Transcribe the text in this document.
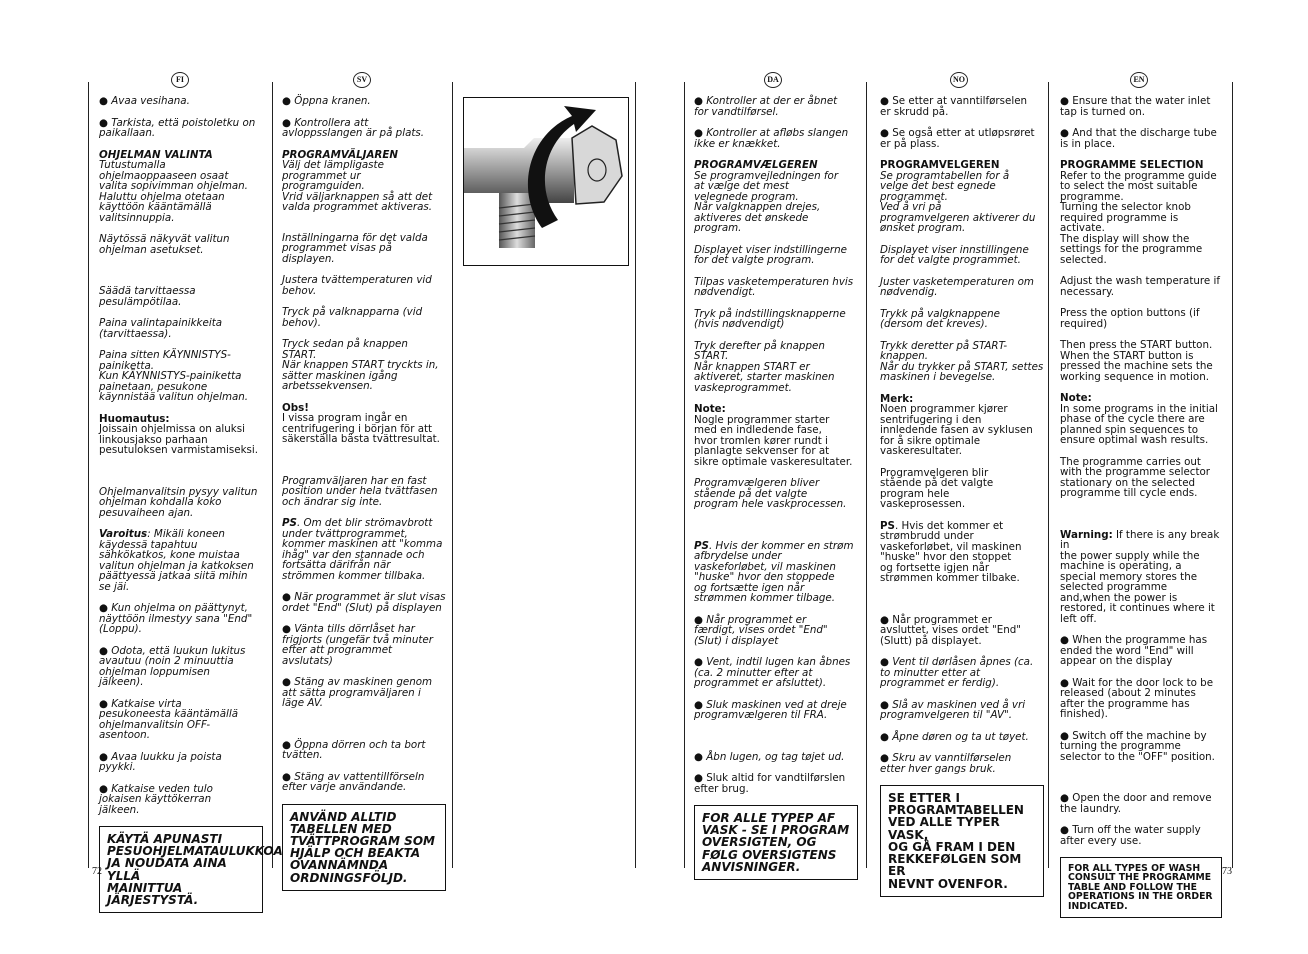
FI	SV	DA	NO	EN

● Avaa vesihana.

● Tarkista, että poistoletku on
paikallaan.

OHJELMAN VALINTA
Tutustumalla
ohjelmaoppaaseen osaat
valita sopivimman ohjelman.
Haluttu ohjelma otetaan
käyttöön kääntämällä
valitsinnuppia.

Näytössä näkyvät valitun
ohjelman asetukset.

Säädä tarvittaessa
pesulämpötilaa.

Paina valintapainikkeita
(tarvittaessa).

Paina sitten KÄYNNISTYS-
painiketta.
Kun KÄYNNISTYS-painiketta
painetaan, pesukone
käynnistää valitun ohjelman.

Huomautus:
Joissain ohjelmissa on aluksi
linkousjakso parhaan
pesutuloksen varmistamiseksi.

Ohjelmanvalitsin pysyy valitun
ohjelman kohdalla koko
pesuvaiheen ajan.

Varoitus: Mikäli koneen
käydessä tapahtuu
sähkökatkos, kone muistaa
valitun ohjelman ja katkoksen
päättyessä jatkaa siitä mihin
se jäi.

● Kun ohjelma on päättynyt,
näyttöön ilmestyy sana "End"
(Loppu).

● Odota, että luukun lukitus
avautuu (noin 2 minuuttia
ohjelman loppumisen
jälkeen).

● Katkaise virta
pesukoneesta kääntämällä
ohjelmanvalitsin OFF-
asentoon.

● Avaa luukku ja poista
pyykki.

● Katkaise veden tulo
jokaisen käyttökerran
jälkeen.

KÄYTÄ APUNASTI
PESUOHJELMATAULUKKOA
JA NOUDATA AINA YLLÄ
MAINITTUA JÄRJESTYSTÄ.

● Öppna kranen.

● Kontrollera att
avloppsslangen är på plats.

PROGRAMVÄLJAREN
Välj det lämpligaste
programmet ur
programguiden.
Vrid väljarknappen så att det
valda programmet aktiveras.

Inställningarna för det valda
programmet visas på
displayen.

Justera tvättemperaturen vid
behov.

Tryck på valknapparna (vid
behov).

Tryck sedan på knappen
START.
När knappen START tryckts in,
sätter maskinen igång
arbetssekvensen.

Obs!
I vissa program ingår en
centrifugering i början för att
säkerställa bästa tvättresultat.

Programväljaren har en fast
position under hela tvättfasen
och ändrar sig inte.

PS. Om det blir strömavbrott
under tvättprogrammet,
kommer maskinen att "komma
ihåg" var den stannade och
fortsätta därifrån när
strömmen kommer tillbaka.

● När programmet är slut visas
ordet "End" (Slut) på displayen

● Vänta tills dörrlåset har
frigjorts (ungefär två minuter
efter att programmet
avslutats)

● Stäng av maskinen genom
att sätta programväljaren i
läge AV.

● Öppna dörren och ta bort
tvätten.

● Stäng av vattentillförseln
efter varje användande.

ANVÄND ALLTID
TABELLEN MED
TVÄTTPROGRAM SOM
HJÄLP OCH BEAKTA
OVANNÄMNDA
ORDNINGSFÖLJD.

● Kontroller at der er åbnet
for vandtilførsel.

● Kontroller at afløbs slangen
ikke er knækket.

PROGRAMVÆLGEREN
Se programvejledningen for
at vælge det mest
velegnede program.
Når valgknappen drejes,
aktiveres det ønskede
program.

Displayet viser indstillingerne
for det valgte program.

Tilpas vasketemperaturen hvis
nødvendigt.

Tryk på indstillingsknapperne
(hvis nødvendigt)

Tryk derefter på knappen
START.
Når knappen START er
aktiveret, starter maskinen
vaskeprogrammet.

Note:
Nogle programmer starter
med en indledende fase,
hvor tromlen kører rundt i
planlagte sekvenser for at
sikre optimale vaskeresultater.

Programvælgeren bliver
stående på det valgte
program hele vaskprocessen.

PS. Hvis der kommer en strøm
afbrydelse under
vaskeforløbet, vil maskinen
"huske" hvor den stoppede
og fortsætte igen når
strømmen kommer tilbage.

● Når programmet er
færdigt, vises ordet "End"
(Slut) i displayet

● Vent, indtil lugen kan åbnes
(ca. 2 minutter efter at
programmet er afsluttet).

● Sluk maskinen ved at dreje
programvælgeren til FRA.

● Åbn lugen, og tag tøjet ud.

● Sluk altid for vandtilførslen
efter brug.

FOR ALLE TYPEP AF
VASK - SE I PROGRAM
OVERSIGTEN, OG
FØLG OVERSIGTENS
ANVISNINGER.

● Se etter at vanntilførselen
er skrudd på.

● Se også etter at utløpsrøret
er på plass.

PROGRAMVELGEREN
Se programtabellen for å
velge det best egnede
programmet.
Ved å vri på
programvelgeren aktiverer du
ønsket program.

Displayet viser innstillingene
for det valgte programmet.

Juster vasketemperaturen om
nødvendig.

Trykk på valgknappene
(dersom det kreves).

Trykk deretter på START-
knappen.
Når du trykker på START, settes
maskinen i bevegelse.

Merk:
Noen programmer kjører
sentrifugering i den
innledende fasen av syklusen
for å sikre optimale
vaskeresultater.

Programvelgeren blir
stående på det valgte
program hele
vaskeprosessen.

PS. Hvis det kommer et
strømbrudd under
vaskeforløbet, vil maskinen
"huske" hvor den stoppet
og fortsette igjen når
strømmen kommer tilbake.

● Når programmet er
avsluttet, vises ordet "End"
(Slutt) på displayet.

● Vent til dørlåsen åpnes (ca.
to minutter etter at
programmet er ferdig).

● Slå av maskinen ved å vri
programvelgeren til "AV".

● Åpne døren og ta ut tøyet.

● Skru av vanntilførselen
etter hver gangs bruk.

SE ETTER I
PROGRAMTABELLEN
VED ALLE TYPER VASK,
OG GÅ FRAM I DEN
REKKEFØLGEN SOM ER
NEVNT OVENFOR.

● Ensure that the water inlet
tap is turned on.

● And that the discharge tube
is in place.

PROGRAMME SELECTION
Refer to the programme guide
to select the most suitable
programme.
Turning the selector knob
required programme is
activate.
The display will show the
settings for the programme
selected.

Adjust the wash temperature if
necessary.

Press the option buttons (if
required)

Then press the START button.
When the START button is
pressed the machine sets the
working sequence in motion.

Note:
In some programs in the initial
phase of the cycle there are
planned spin sequences to
ensure optimal wash results.

The programme carries out
with the programme selector
stationary on the selected
programme till cycle ends.

Warning: If there is any break in
the power supply while the
machine is operating, a
special memory stores the
selected programme
and,when the power is
restored, it continues where it
left off.

● When the programme has
ended the word "End" will
appear on the display

● Wait for the door lock to be
released (about 2 minutes
after the programme has
finished).

● Switch off the machine by
turning the programme
selector to the "OFF" position.

● Open the door and remove
the laundry.

● Turn off the water supply
after every use.

FOR ALL TYPES OF WASH
CONSULT THE PROGRAMME
TABLE AND FOLLOW THE
OPERATIONS IN THE ORDER
INDICATED.
72	73
